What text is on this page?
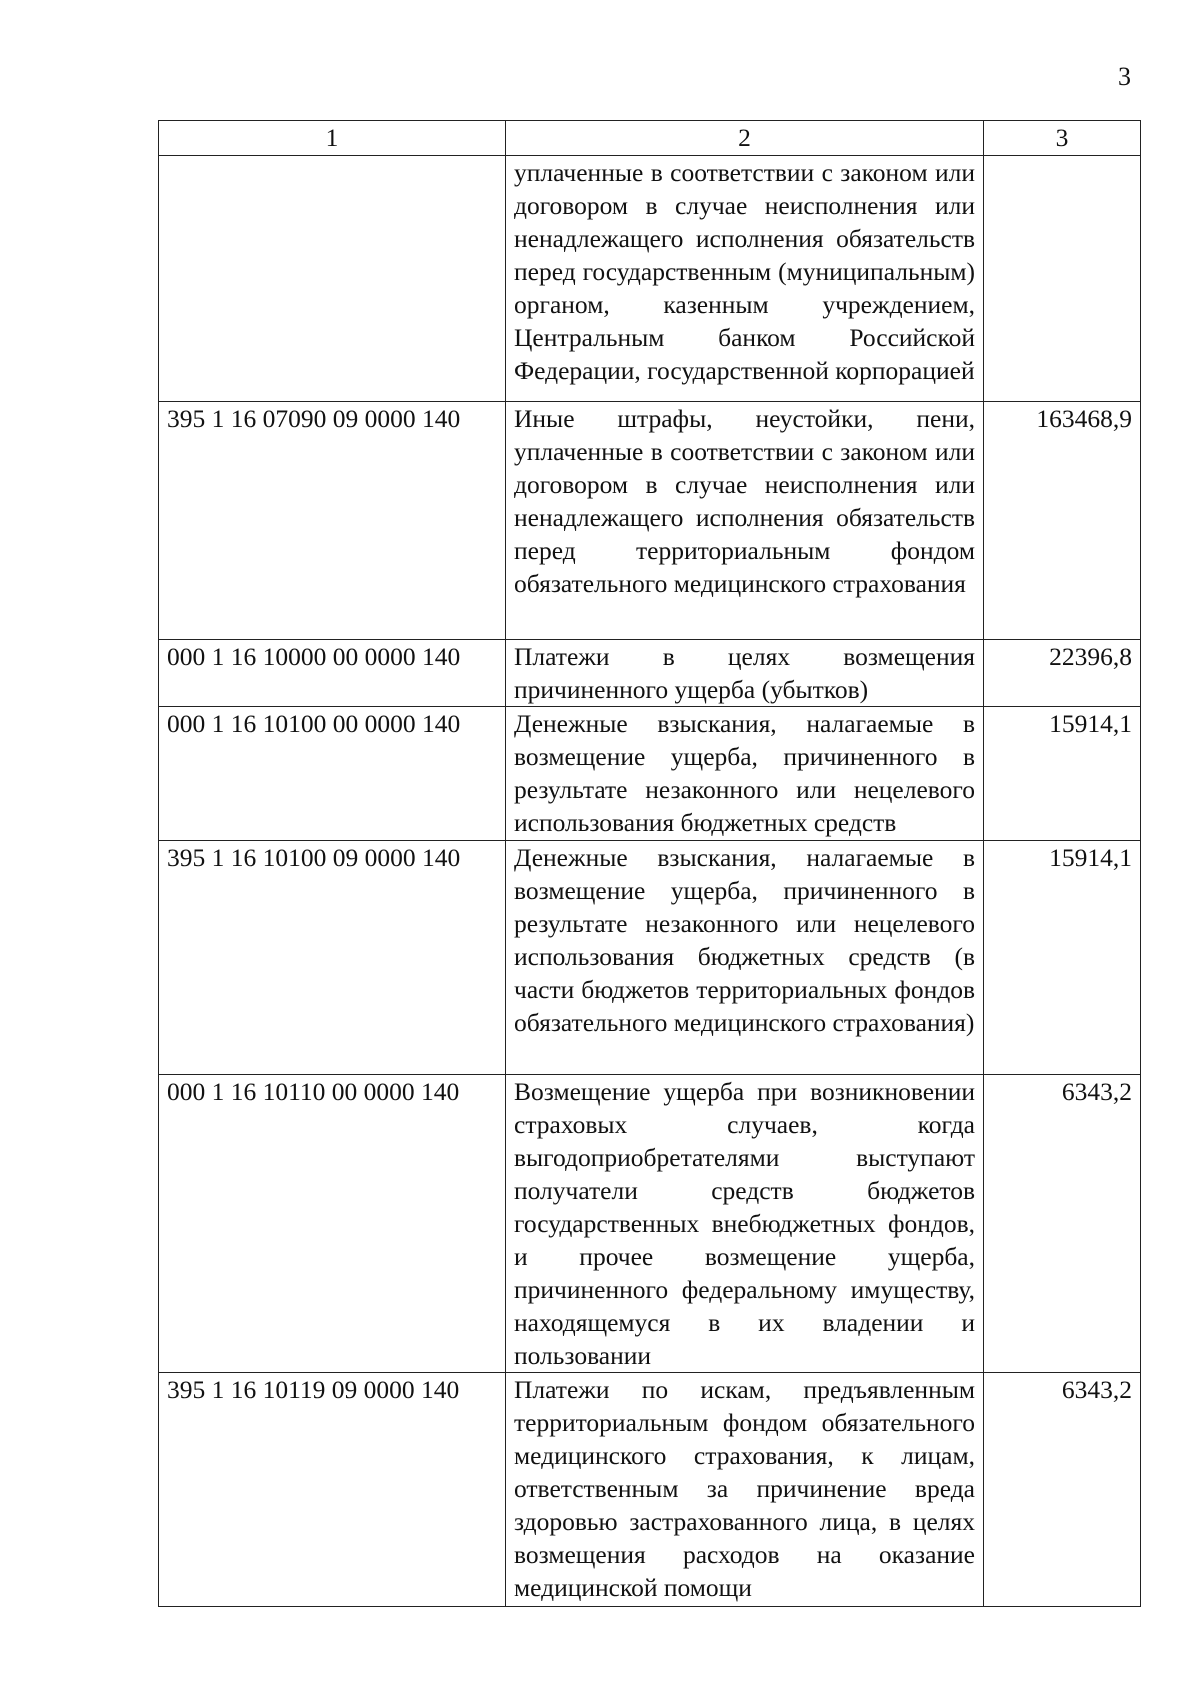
3
1	2	3
	уплаченные в соответствии с законом или договором в случае неисполнения или ненадлежащего исполнения обязательств перед государственным (муниципальным) органом, казенным учреждением, Центральным банком Российской Федерации, государственной корпорацией	
395 1 16 07090 09 0000 140	Иные штрафы, неустойки, пени, уплаченные в соответствии с законом или договором в случае неисполнения или ненадлежащего исполнения обязательств перед территориальным фондом обязательного медицинского страхования	163468,9
000 1 16 10000 00 0000 140	Платежи в целях возмещения причиненного ущерба (убытков)	22396,8
000 1 16 10100 00 0000 140	Денежные взыскания, налагаемые в возмещение ущерба, причиненного в результате незаконного или нецелевого использования бюджетных средств	15914,1
395 1 16 10100 09 0000 140	Денежные взыскания, налагаемые в возмещение ущерба, причиненного в результате незаконного или нецелевого использования бюджетных средств (в части бюджетов территориальных фондов обязательного медицинского страхования)	15914,1
000 1 16 10110 00 0000 140	Возмещение ущерба при возникновении страховых случаев, когда выгодоприобретателями выступают получатели средств бюджетов государственных внебюджетных фондов, и прочее возмещение ущерба, причиненного федеральному имуществу, находящемуся в их владении и пользовании	6343,2
395 1 16 10119 09 0000 140	Платежи по искам, предъявленным территориальным фондом обязательного медицинского страхования, к лицам, ответственным за причинение вреда здоровью застрахованного лица, в целях возмещения расходов на оказание медицинской помощи	6343,2
